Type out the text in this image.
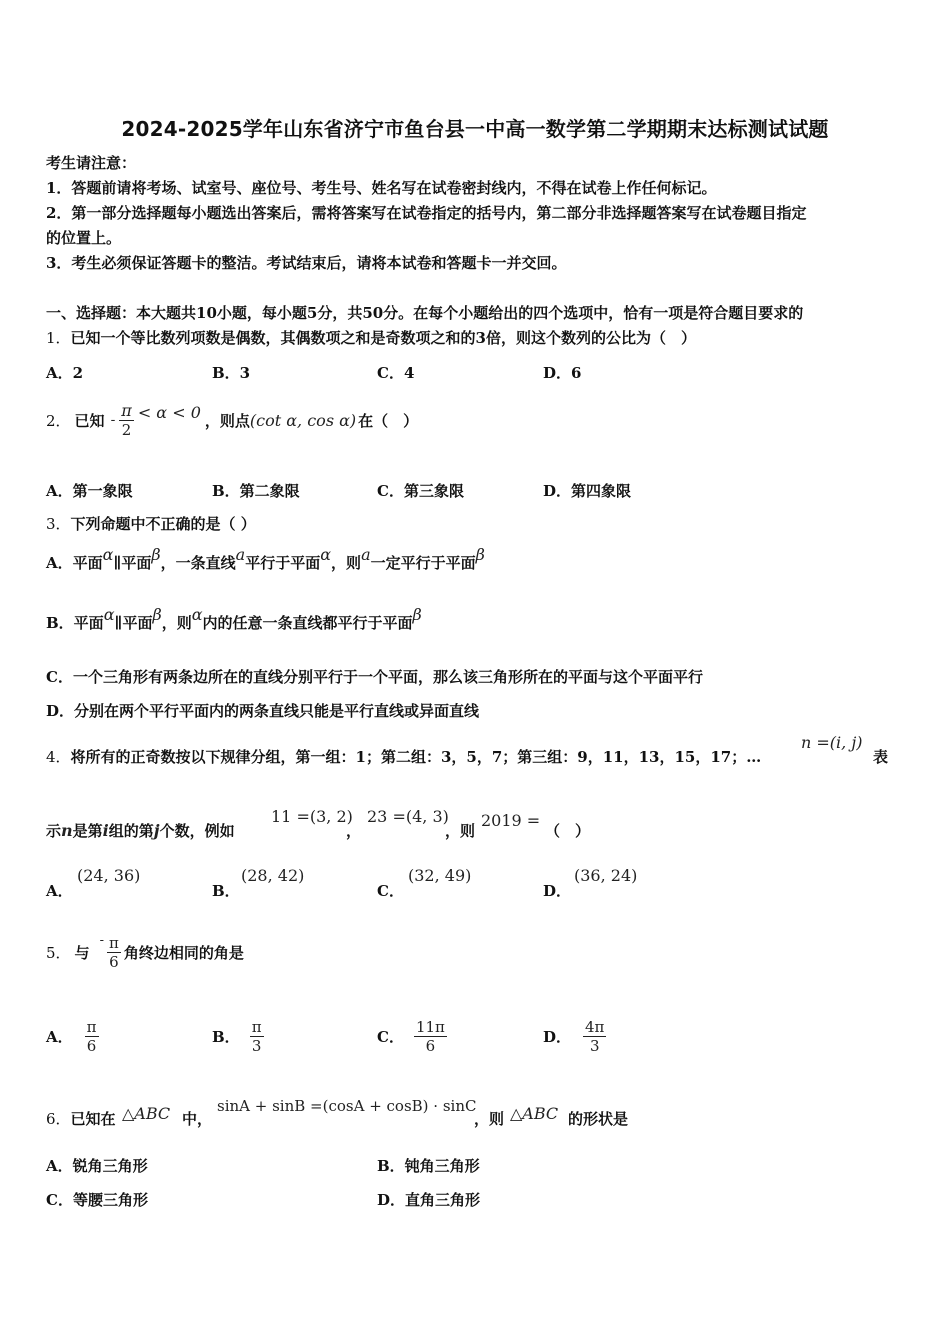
2024-2025学年山东省济宁市鱼台县一中高一数学第二学期期末达标测试试题
考生请注意：
1．答题前请将考场、试室号、座位号、考生号、姓名写在试卷密封线内，不得在试卷上作任何标记。
2．第一部分选择题每小题选出答案后，需将答案写在试卷指定的括号内，第二部分非选择题答案写在试卷题目指定
的位置上。
3．考生必须保证答题卡的整洁。考试结束后，请将本试卷和答题卡一并交回。
一、选择题：本大题共10小题，每小题5分，共50分。在每个小题给出的四个选项中，恰有一项是符合题目要求的
1．已知一个等比数列项数是偶数，其偶数项之和是奇数项之和的3倍，则这个数列的公比为（　）
A．2	B．3	C．4	D．6
2． 已知 - $\frac{\pi}{2} < \alpha < 0$ ，则点 (cot α, cos α) 在（　）
A．第一象限	B．第二象限	C．第三象限	D．第四象限
3．下列命题中不正确的是（ ）
A．平面α∥平面β，一条直线a平行于平面α，则a一定平行于平面β
B．平面α∥平面β，则α内的任意一条直线都平行于平面β
C．一个三角形有两条边所在的直线分别平行于一个平面，那么该三角形所在的平面与这个平面平行
D．分别在两个平行平面内的两条直线只能是平行直线或异面直线
4．将所有的正奇数按以下规律分组，第一组：1；第二组：3，5，7；第三组：9，11，13，15，17；…
n =(i, j)
表
示n是第i组的第j个数，例如
11 =(3, 2)
，
23 =(4, 3)
，则
2019 =
（　）
A．
(24, 36)
B．
(28, 42)
C．
(32, 49)
D．
(36, 24)
5． 与
- $\frac{\pi}{6}$ 角终边相同的角是
A． $\frac{\pi}{6}$	B． $\frac{\pi}{3}$	C． $\frac{11\pi}{6}$	D． $\frac{4\pi}{3}$
6．已知在 △ABC 中，
sinA + sinB =(cosA + cosB) · sinC
，则 △ABC 的形状是
A．锐角三角形	B．钝角三角形
C．等腰三角形	D．直角三角形
